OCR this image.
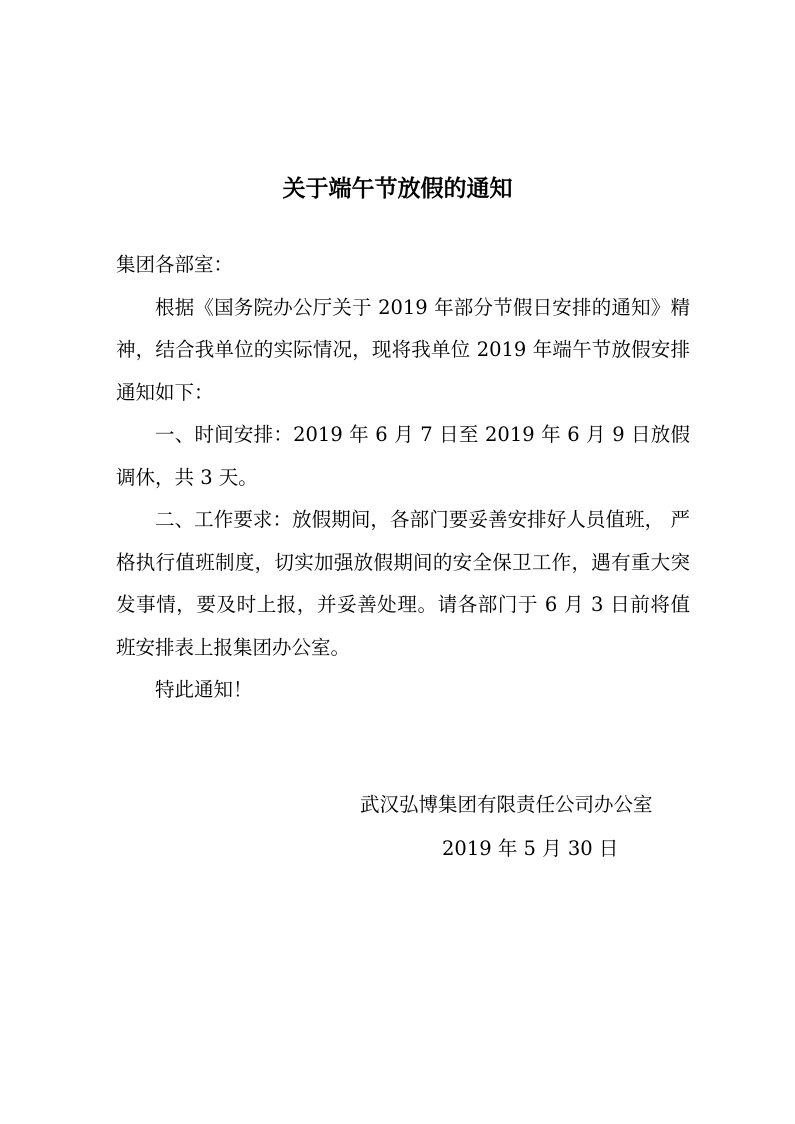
关于端午节放假的通知

集团各部室：

根据《国务院办公厅关于 2019 年部分节假日安排的通知》精神，结合我单位的实际情况，现将我单位 2019 年端午节放假安排通知如下：

一、时间安排：2019 年 6 月 7 日至 2019 年 6 月 9 日放假调休，共 3 天。

二、工作要求：放假期间，各部门要妥善安排好人员值班， 严格执行值班制度，切实加强放假期间的安全保卫工作，遇有重大突发事情，要及时上报，并妥善处理。请各部门于 6 月 3 日前将值班安排表上报集团办公室。

特此通知！

武汉弘博集团有限责任公司办公室
2019 年 5 月 30 日
